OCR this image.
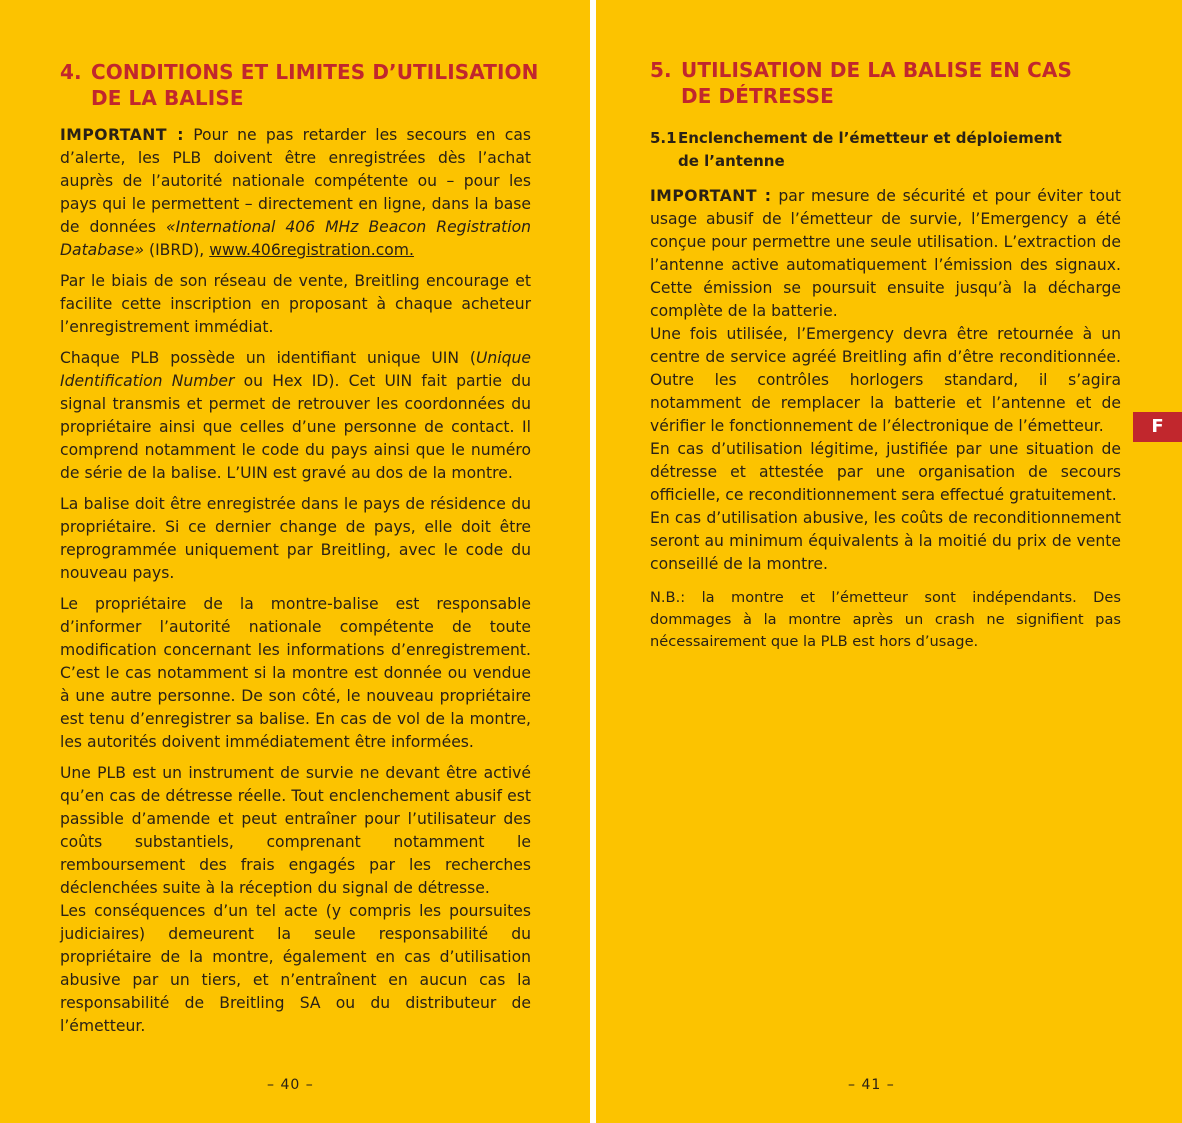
4. CONDITIONS ET LIMITES D’UTILISATION
DE LA BALISE

IMPORTANT : Pour ne pas retarder les secours en cas d’alerte, les PLB doivent être enregistrées dès l’achat auprès de l’autorité nationale compétente ou – pour les pays qui le permettent – directement en ligne, dans la base de données «International 406 MHz Beacon Registration Database» (IBRD), www.406registration.com.

Par le biais de son réseau de vente, Breitling encourage et facilite cette inscription en proposant à chaque acheteur l’enregistrement immédiat.

Chaque PLB possède un identifiant unique UIN (Unique Identification Number ou Hex ID). Cet UIN fait partie du signal transmis et permet de retrouver les coordonnées du propriétaire ainsi que celles d’une personne de contact. Il comprend notamment le code du pays ainsi que le numéro de série de la balise. L’UIN est gravé au dos de la montre.

La balise doit être enregistrée dans le pays de résidence du propriétaire. Si ce dernier change de pays, elle doit être reprogrammée uniquement par Breitling, avec le code du nouveau pays.

Le propriétaire de la montre-balise est responsable d’informer l’autorité nationale compétente de toute modification concernant les informations d’enregistrement. C’est le cas notamment si la montre est donnée ou vendue à une autre personne. De son côté, le nouveau propriétaire est tenu d’enregistrer sa balise. En cas de vol de la montre, les autorités doivent immédiatement être informées.

Une PLB est un instrument de survie ne devant être activé qu’en cas de détresse réelle. Tout enclenchement abusif est passible d’amende et peut entraîner pour l’utilisateur des coûts substantiels, comprenant notamment le remboursement des frais engagés par les recherches déclenchées suite à la réception du signal de détresse.

Les conséquences d’un tel acte (y compris les poursuites judiciaires) demeurent la seule responsabilité du propriétaire de la montre, également en cas d’utilisation abusive par un tiers, et n’entraînent en aucun cas la responsabilité de Breitling SA ou du distributeur de l’émetteur.

– 40 –
5. UTILISATION DE LA BALISE EN CAS
DE DÉTRESSE
5.1 Enclenchement de l’émetteur et déploiement
de l’antenne

IMPORTANT : par mesure de sécurité et pour éviter tout usage abusif de l’émetteur de survie, l’Emergency a été conçue pour permettre une seule utilisation. L’extraction de l’antenne active automatiquement l’émission des signaux. Cette émission se poursuit ensuite jusqu’à la décharge complète de la batterie.

Une fois utilisée, l’Emergency devra être retournée à un centre de service agréé Breitling afin d’être reconditionnée. Outre les contrôles horlogers standard, il s’agira notamment de remplacer la batterie et l’antenne et de vérifier le fonctionnement de l’électronique de l’émetteur.

En cas d’utilisation légitime, justifiée par une situation de détresse et attestée par une organisation de secours officielle, ce reconditionnement sera effectué gratuitement.

En cas d’utilisation abusive, les coûts de reconditionnement seront au minimum équivalents à la moitié du prix de vente conseillé de la montre.

N.B.: la montre et l’émetteur sont indépendants. Des dommages à la montre après un crash ne signifient pas nécessairement que la PLB est hors d’usage.
– 41 –
F
